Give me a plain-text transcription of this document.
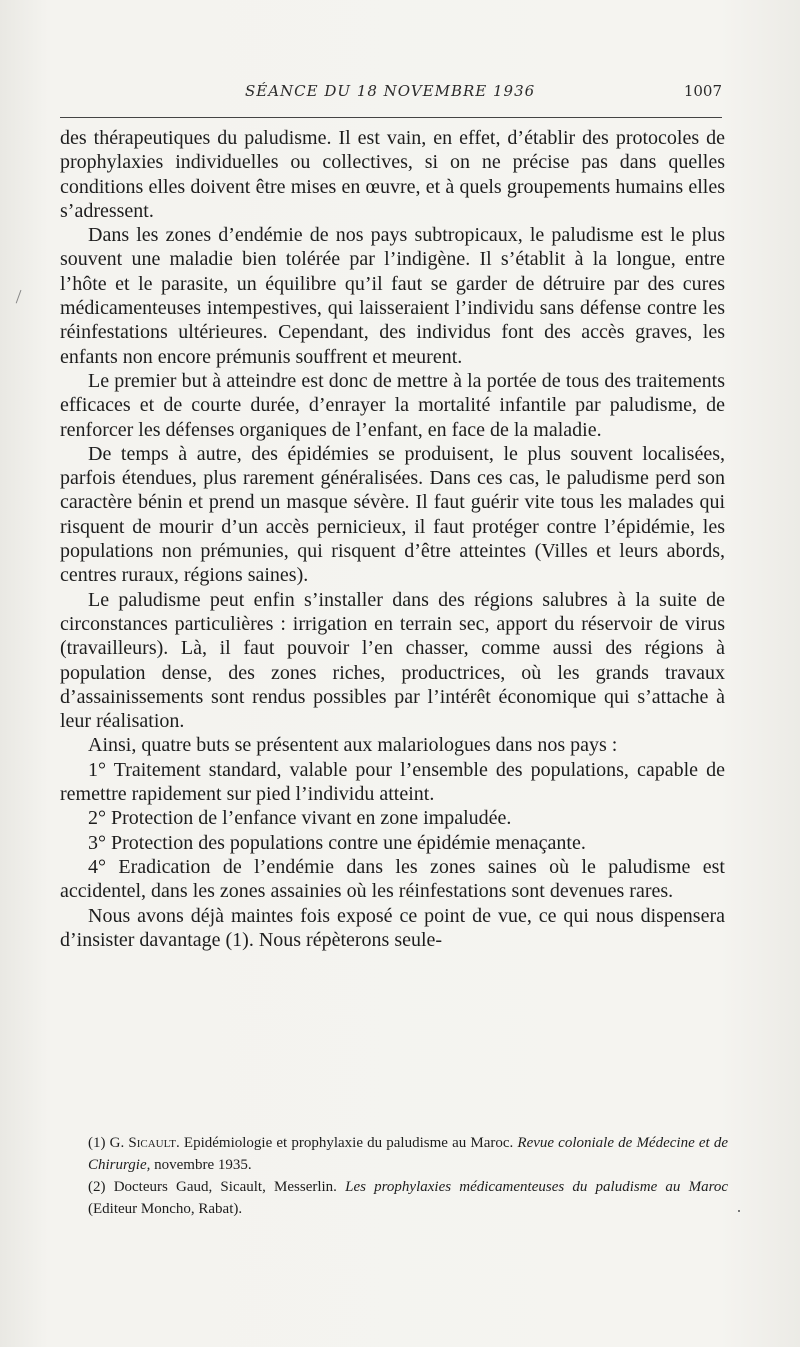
SÉANCE DU 18 NOVEMBRE 1936	1007

des thérapeutiques du paludisme. Il est vain, en effet, d’établir des protocoles de prophylaxies individuelles ou collectives, si on ne précise pas dans quelles conditions elles doivent être mises en œuvre, et à quels groupements humains elles s’adressent.

Dans les zones d’endémie de nos pays subtropicaux, le paludisme est le plus souvent une maladie bien tolérée par l’indigène. Il s’établit à la longue, entre l’hôte et le parasite, un équilibre qu’il faut se garder de détruire par des cures médicamenteuses intempestives, qui laisseraient l’individu sans défense contre les réinfestations ultérieures. Cependant, des individus font des accès graves, les enfants non encore prémunis souffrent et meurent.

Le premier but à atteindre est donc de mettre à la portée de tous des traitements efficaces et de courte durée, d’enrayer la mortalité infantile par paludisme, de renforcer les défenses organiques de l’enfant, en face de la maladie.

De temps à autre, des épidémies se produisent, le plus souvent localisées, parfois étendues, plus rarement généralisées. Dans ces cas, le paludisme perd son caractère bénin et prend un masque sévère. Il faut guérir vite tous les malades qui risquent de mourir d’un accès pernicieux, il faut protéger contre l’épidémie, les populations non prémunies, qui risquent d’être atteintes (Villes et leurs abords, centres ruraux, régions saines).

Le paludisme peut enfin s’installer dans des régions salubres à la suite de circonstances particulières : irrigation en terrain sec, apport du réservoir de virus (travailleurs). Là, il faut pouvoir l’en chasser, comme aussi des régions à population dense, des zones riches, productrices, où les grands travaux d’assainissements sont rendus possibles par l’intérêt économique qui s’attache à leur réalisation.

Ainsi, quatre buts se présentent aux malariologues dans nos pays :

1° Traitement standard, valable pour l’ensemble des populations, capable de remettre rapidement sur pied l’individu atteint.

2° Protection de l’enfance vivant en zone impaludée.

3° Protection des populations contre une épidémie menaçante.

4° Eradication de l’endémie dans les zones saines où le paludisme est accidentel, dans les zones assainies où les réinfestations sont devenues rares.

Nous avons déjà maintes fois exposé ce point de vue, ce qui nous dispensera d’insister davantage (1). Nous répèterons seule-

(1) G. Sicault. Epidémiologie et prophylaxie du paludisme au Maroc. Revue coloniale de Médecine et de Chirurgie, novembre 1935.

(2) Docteurs Gaud, Sicault, Messerlin. Les prophylaxies médicamenteuses du paludisme au Maroc (Editeur Moncho, Rabat).
